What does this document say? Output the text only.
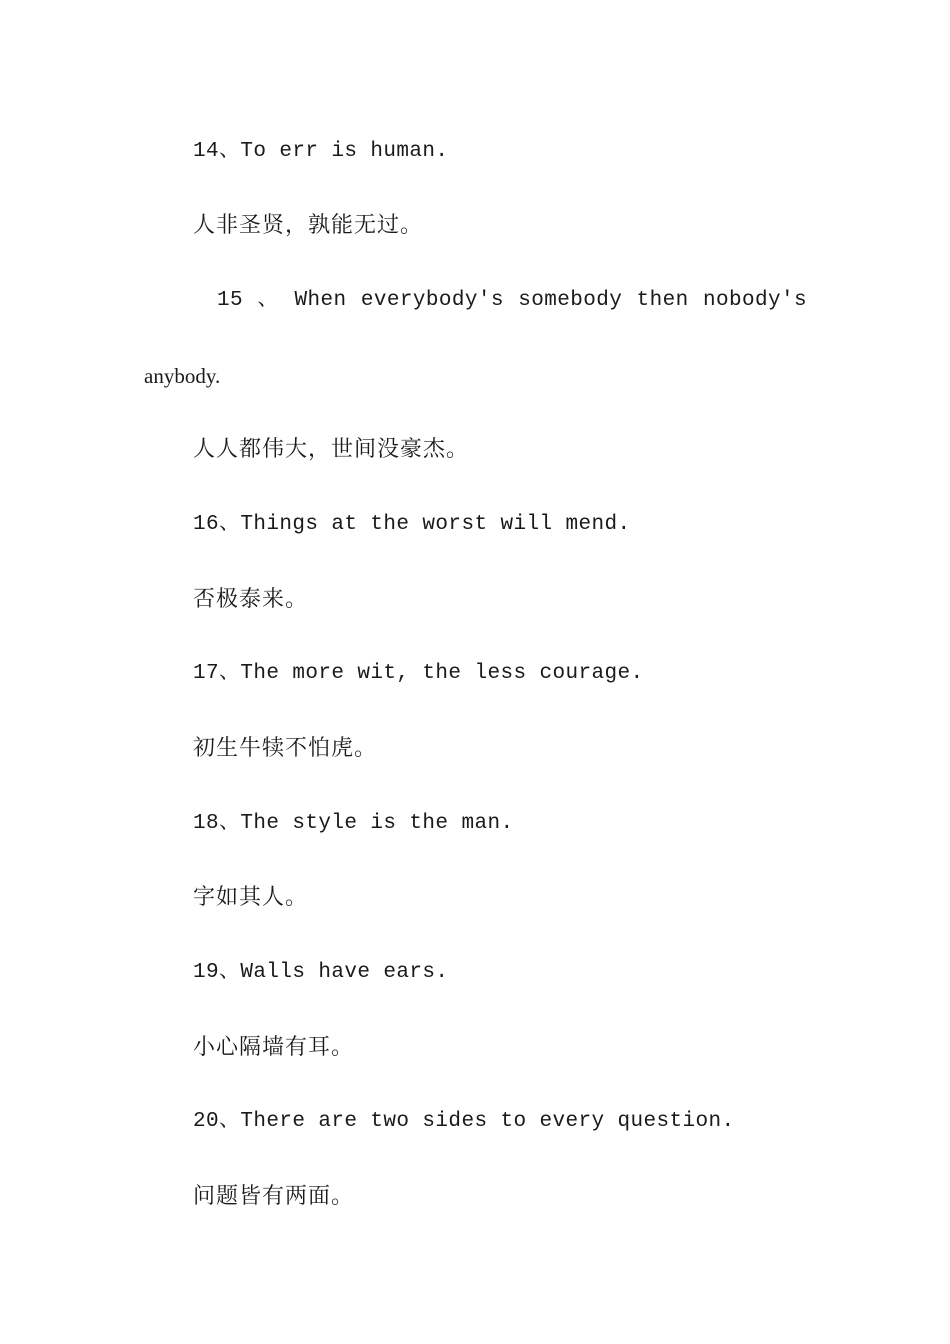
14、To err is human.

人非圣贤，孰能无过。

15 、 When everybody's somebody then nobody's

anybody.

人人都伟大，世间没豪杰。

16、Things at the worst will mend.

否极泰来。

17、The more wit, the less courage.

初生牛犊不怕虎。

18、The style is the man.

字如其人。

19、Walls have ears.

小心隔墙有耳。

20、There are two sides to every question.

问题皆有两面。
